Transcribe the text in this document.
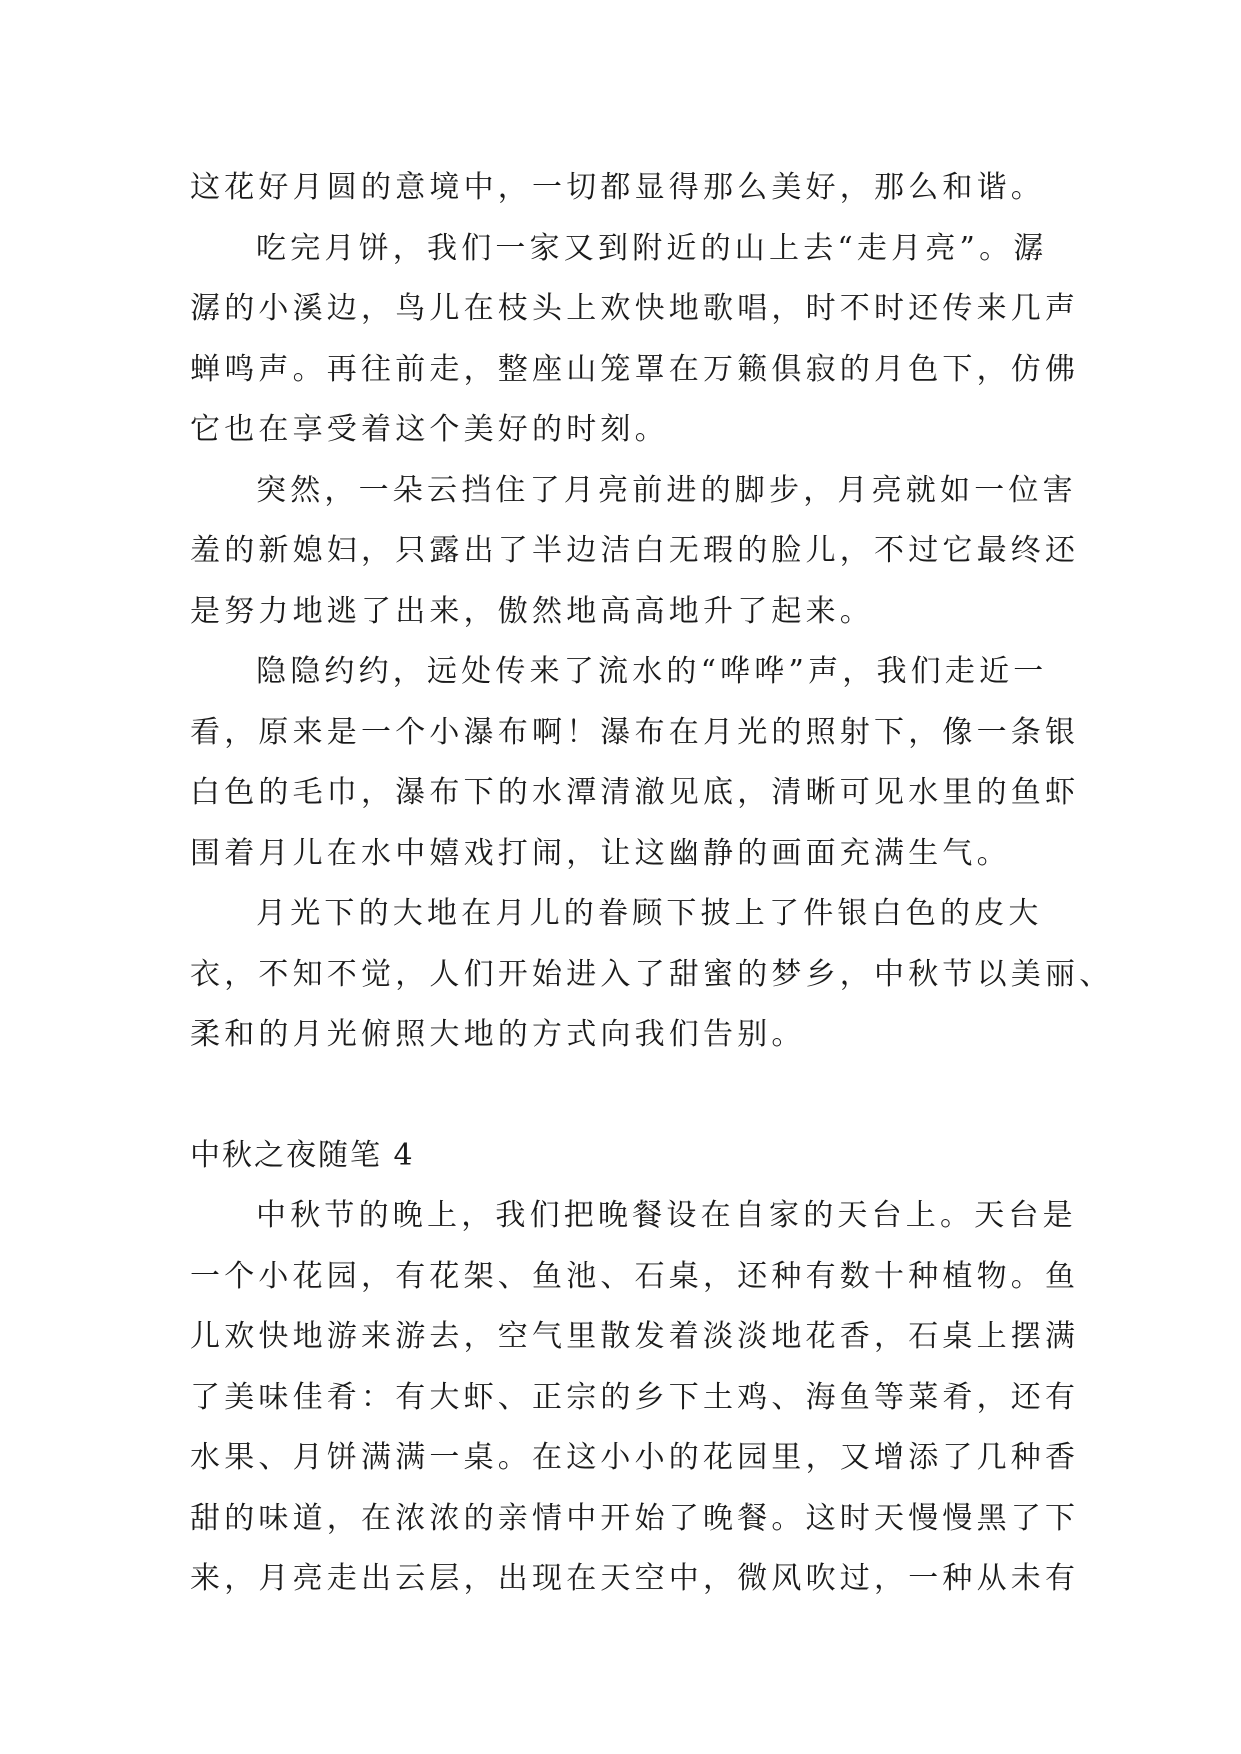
这花好月圆的意境中，一切都显得那么美好，那么和谐。
吃完月饼，我们一家又到附近的山上去“走月亮”。潺
潺的小溪边，鸟儿在枝头上欢快地歌唱，时不时还传来几声
蝉鸣声。再往前走，整座山笼罩在万籁俱寂的月色下，仿佛
它也在享受着这个美好的时刻。
突然，一朵云挡住了月亮前进的脚步，月亮就如一位害
羞的新媳妇，只露出了半边洁白无瑕的脸儿，不过它最终还
是努力地逃了出来，傲然地高高地升了起来。
隐隐约约，远处传来了流水的“哗哗”声，我们走近一
看，原来是一个小瀑布啊！瀑布在月光的照射下，像一条银
白色的毛巾，瀑布下的水潭清澈见底，清晰可见水里的鱼虾
围着月儿在水中嬉戏打闹，让这幽静的画面充满生气。
月光下的大地在月儿的眷顾下披上了件银白色的皮大
衣，不知不觉，人们开始进入了甜蜜的梦乡，中秋节以美丽、
柔和的月光俯照大地的方式向我们告别。
中秋之夜随笔 4
中秋节的晚上，我们把晚餐设在自家的天台上。天台是
一个小花园，有花架、鱼池、石桌，还种有数十种植物。鱼
儿欢快地游来游去，空气里散发着淡淡地花香，石桌上摆满
了美味佳肴：有大虾、正宗的乡下土鸡、海鱼等菜肴，还有
水果、月饼满满一桌。在这小小的花园里，又增添了几种香
甜的味道，在浓浓的亲情中开始了晚餐。这时天慢慢黑了下
来，月亮走出云层，出现在天空中，微风吹过，一种从未有
